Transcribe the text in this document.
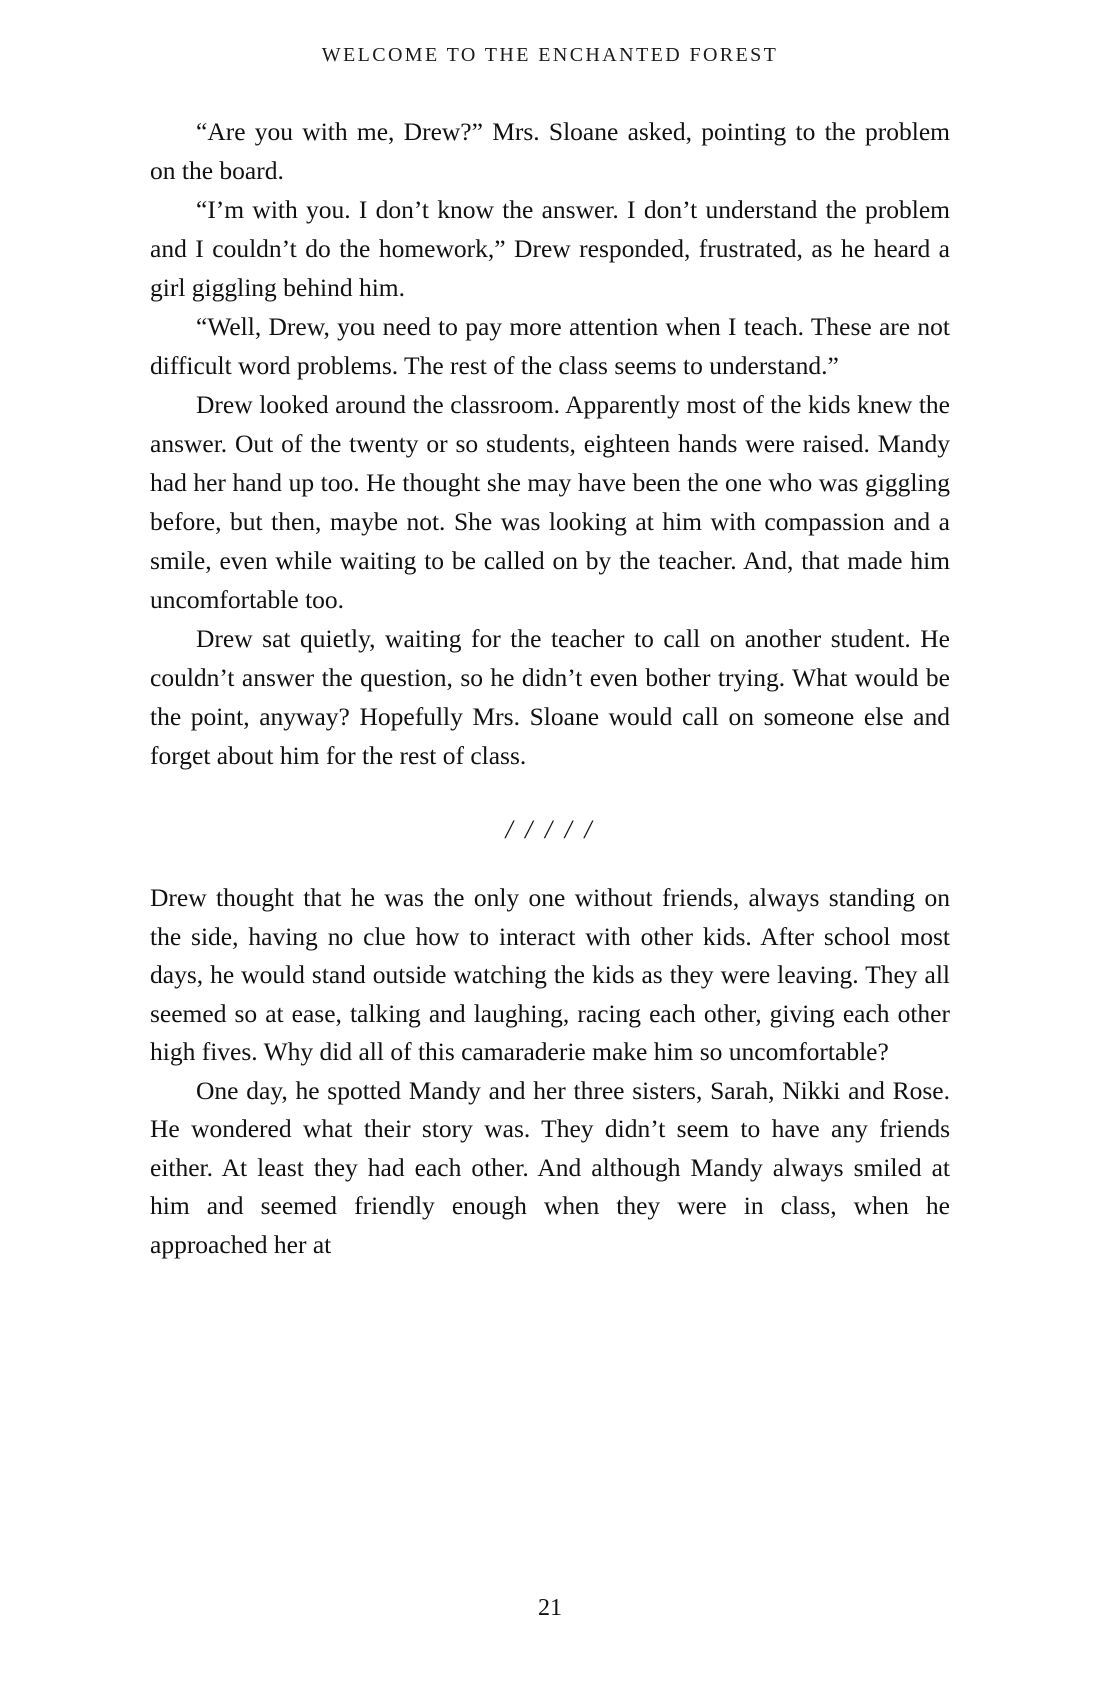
WELCOME TO THE ENCHANTED FOREST

“Are you with me, Drew?” Mrs. Sloane asked, pointing to the problem on the board.

“I’m with you. I don’t know the answer. I don’t understand the problem and I couldn’t do the homework,” Drew responded, frustrated, as he heard a girl giggling behind him.

“Well, Drew, you need to pay more attention when I teach. These are not difficult word problems. The rest of the class seems to understand.”

Drew looked around the classroom. Apparently most of the kids knew the answer. Out of the twenty or so students, eighteen hands were raised. Mandy had her hand up too. He thought she may have been the one who was giggling before, but then, maybe not. She was looking at him with compassion and a smile, even while waiting to be called on by the teacher. And, that made him uncomfortable too.

Drew sat quietly, waiting for the teacher to call on another student. He couldn’t answer the question, so he didn’t even bother trying. What would be the point, anyway? Hopefully Mrs. Sloane would call on someone else and forget about him for the rest of class.

/ / / / /

Drew thought that he was the only one without friends, always standing on the side, having no clue how to interact with other kids. After school most days, he would stand outside watching the kids as they were leaving. They all seemed so at ease, talking and laughing, racing each other, giving each other high fives. Why did all of this camaraderie make him so uncomfortable?

One day, he spotted Mandy and her three sisters, Sarah, Nikki and Rose. He wondered what their story was. They didn’t seem to have any friends either. At least they had each other. And although Mandy always smiled at him and seemed friendly enough when they were in class, when he approached her at

21
